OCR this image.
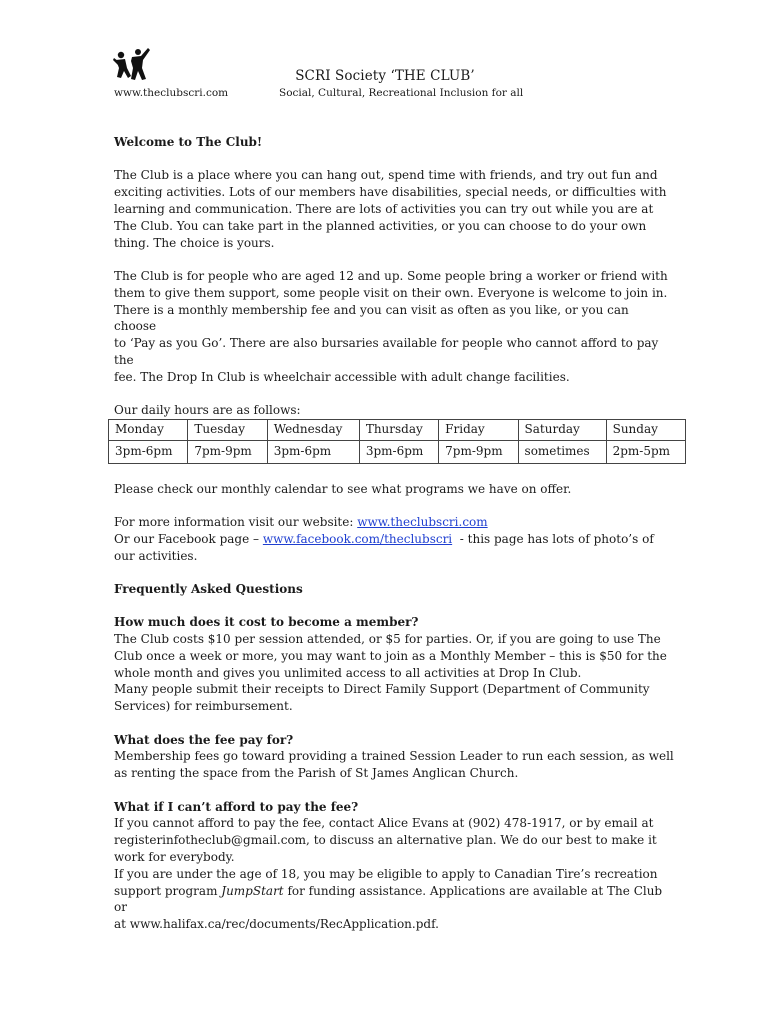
SCRI Society ‘THE CLUB’
www.theclubscri.com	Social, Cultural, Recreational Inclusion for all

Welcome to The Club!

The Club is a place where you can hang out, spend time with friends, and try out fun and

exciting activities. Lots of our members have disabilities, special needs, or difficulties with

learning and communication. There are lots of activities you can try out while you are at

The Club. You can take part in the planned activities, or you can choose to do your own

thing. The choice is yours.

The Club is for people who are aged 12 and up. Some people bring a worker or friend with

them to give them support, some people visit on their own. Everyone is welcome to join in.

There is a monthly membership fee and you can visit as often as you like, or you can choose

to ‘Pay as you Go’. There are also bursaries available for people who cannot afford to pay the

fee. The Drop In Club is wheelchair accessible with adult change facilities.

Our daily hours are as follows:

Monday	Tuesday	Wednesday	Thursday	Friday	Saturday	Sunday
3pm-6pm	7pm-9pm	3pm-6pm	3pm-6pm	7pm-9pm	sometimes	2pm-5pm

Please check our monthly calendar to see what programs we have on offer.

For more information visit our website: www.theclubscri.com

Or our Facebook page – www.facebook.com/theclubscri  - this page has lots of photo’s of

our activities.

Frequently Asked Questions

How much does it cost to become a member?

The Club costs $10 per session attended, or $5 for parties. Or, if you are going to use The

Club once a week or more, you may want to join as a Monthly Member – this is $50 for the

whole month and gives you unlimited access to all activities at Drop In Club.

Many people submit their receipts to Direct Family Support (Department of Community

Services) for reimbursement.

What does the fee pay for?

Membership fees go toward providing a trained Session Leader to run each session, as well

as renting the space from the Parish of St James Anglican Church.

What if I can’t afford to pay the fee?

If you cannot afford to pay the fee, contact Alice Evans at (902) 478-1917, or by email at

registerinfotheclub@gmail.com, to discuss an alternative plan. We do our best to make it

work for everybody.

If you are under the age of 18, you may be eligible to apply to Canadian Tire’s recreation

support program JumpStart for funding assistance. Applications are available at The Club or

at www.halifax.ca/rec/documents/RecApplication.pdf.
